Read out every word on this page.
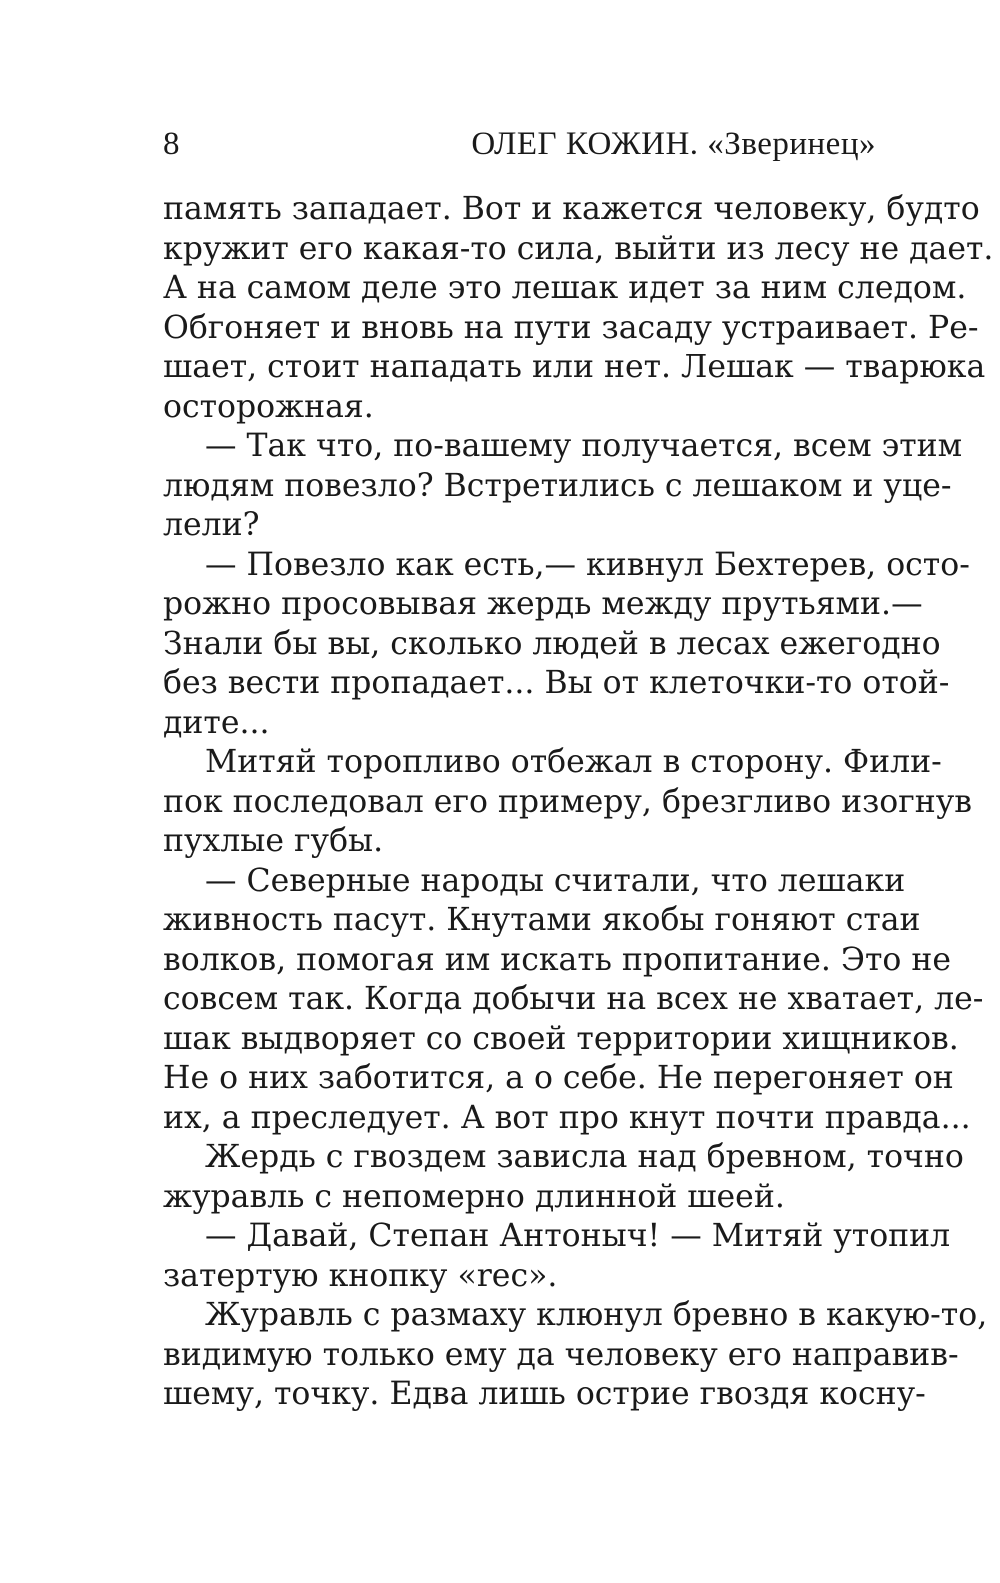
8	ОЛЕГ КОЖИН. «Зверинец»
память западает. Вот и кажется человеку, будто
кружит его какая-то сила, выйти из лесу не дает.
А на самом деле это лешак идет за ним следом.
Обгоняет и вновь на пути засаду устраивает. Ре-
шает, стоит нападать или нет. Лешак — тварюка
осторожная.
— Так что, по-вашему получается, всем этим
людям повезло? Встретились с лешаком и уце-
лели?
— Повезло как есть,— кивнул Бехтерев, осто-
рожно просовывая жердь между прутьями.—
Знали бы вы, сколько людей в лесах ежегодно
без вести пропадает... Вы от клеточки-то отой-
дите...
Митяй торопливо отбежал в сторону. Фили-
пок последовал его примеру, брезгливо изогнув
пухлые губы.
— Северные народы считали, что лешаки
живность пасут. Кнутами якобы гоняют стаи
волков, помогая им искать пропитание. Это не
совсем так. Когда добычи на всех не хватает, ле-
шак выдворяет со своей территории хищников.
Не о них заботится, а о себе. Не перегоняет он
их, а преследует. А вот про кнут почти правда...
Жердь с гвоздем зависла над бревном, точно
журавль с непомерно длинной шеей.
— Давай, Степан Антоныч! — Митяй утопил
затертую кнопку «rec».
Журавль с размаху клюнул бревно в какую-то,
видимую только ему да человеку его направив-
шему, точку. Едва лишь острие гвоздя косну-
